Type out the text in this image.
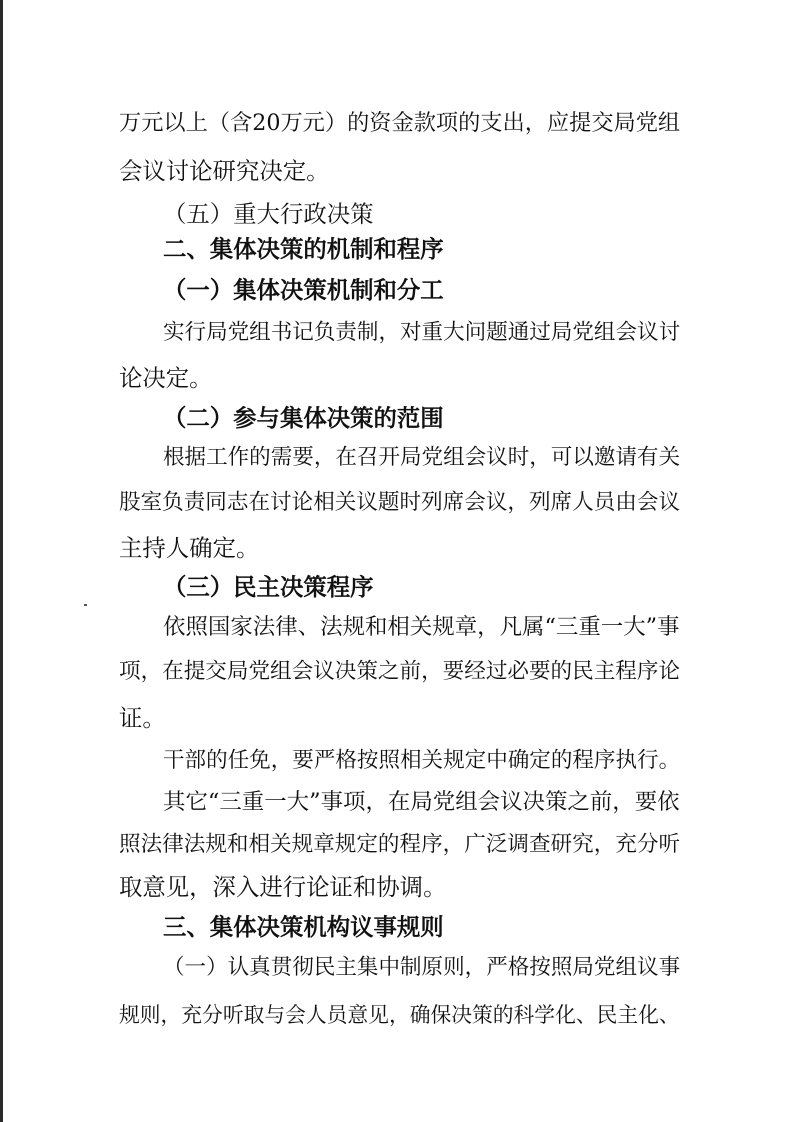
万元以上（含20万元）的资金款项的支出，应提交局党组
会议讨论研究决定。
（五）重大行政决策
二、集体决策的机制和程序
（一）集体决策机制和分工
实行局党组书记负责制，对重大问题通过局党组会议讨
论决定。
（二）参与集体决策的范围
根据工作的需要，在召开局党组会议时，可以邀请有关
股室负责同志在讨论相关议题时列席会议，列席人员由会议
主持人确定。
（三）民主决策程序
依照国家法律、法规和相关规章，凡属“三重一大”事
项，在提交局党组会议决策之前，要经过必要的民主程序论
证。
干部的任免，要严格按照相关规定中确定的程序执行。
其它“三重一大”事项，在局党组会议决策之前，要依
照法律法规和相关规章规定的程序，广泛调查研究，充分听
取意见，深入进行论证和协调。
三、集体决策机构议事规则
（一）认真贯彻民主集中制原则，严格按照局党组议事
规则，充分听取与会人员意见，确保决策的科学化、民主化、
